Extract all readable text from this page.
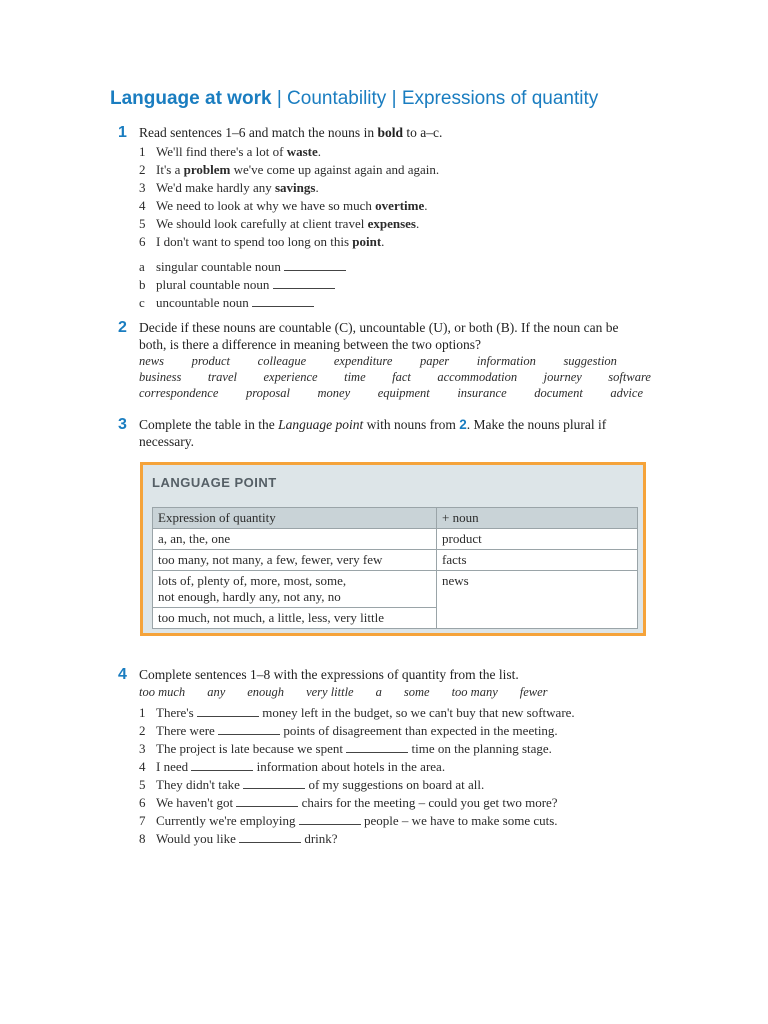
Language at work | Countability | Expressions of quantity
1 Read sentences 1–6 and match the nouns in bold to a–c.
1 We'll find there's a lot of waste.
2 It's a problem we've come up against again and again.
3 We'd make hardly any savings.
4 We need to look at why we have so much overtime.
5 We should look carefully at client travel expenses.
6 I don't want to spend too long on this point.
a singular countable noun
b plural countable noun
c uncountable noun
2 Decide if these nouns are countable (C), uncountable (U), or both (B). If the noun can be both, is there a difference in meaning between the two options?
news product colleague expenditure paper information suggestion
business travel experience time fact accommodation journey software
correspondence proposal money equipment insurance document advice
3 Complete the table in the Language point with nouns from 2. Make the nouns plural if necessary.
LANGUAGE POINT
Expression of quantity	+ noun
a, an, the, one	product
too many, not many, a few, fewer, very few	facts
lots of, plenty of, more, most, some,
not enough, hardly any, not any, no	news
too much, not much, a little, less, very little	
4 Complete sentences 1–8 with the expressions of quantity from the list.
too much any enough very little a some too many fewer
1 There's	money left in the budget, so we can't buy that new software.
2 There were	points of disagreement than expected in the meeting.
3 The project is late because we spent	time on the planning stage.
4 I need	information about hotels in the area.
5 They didn't take	of my suggestions on board at all.
6 We haven't got	chairs for the meeting – could you get two more?
7 Currently we're employing	people – we have to make some cuts.
8 Would you like	drink?
